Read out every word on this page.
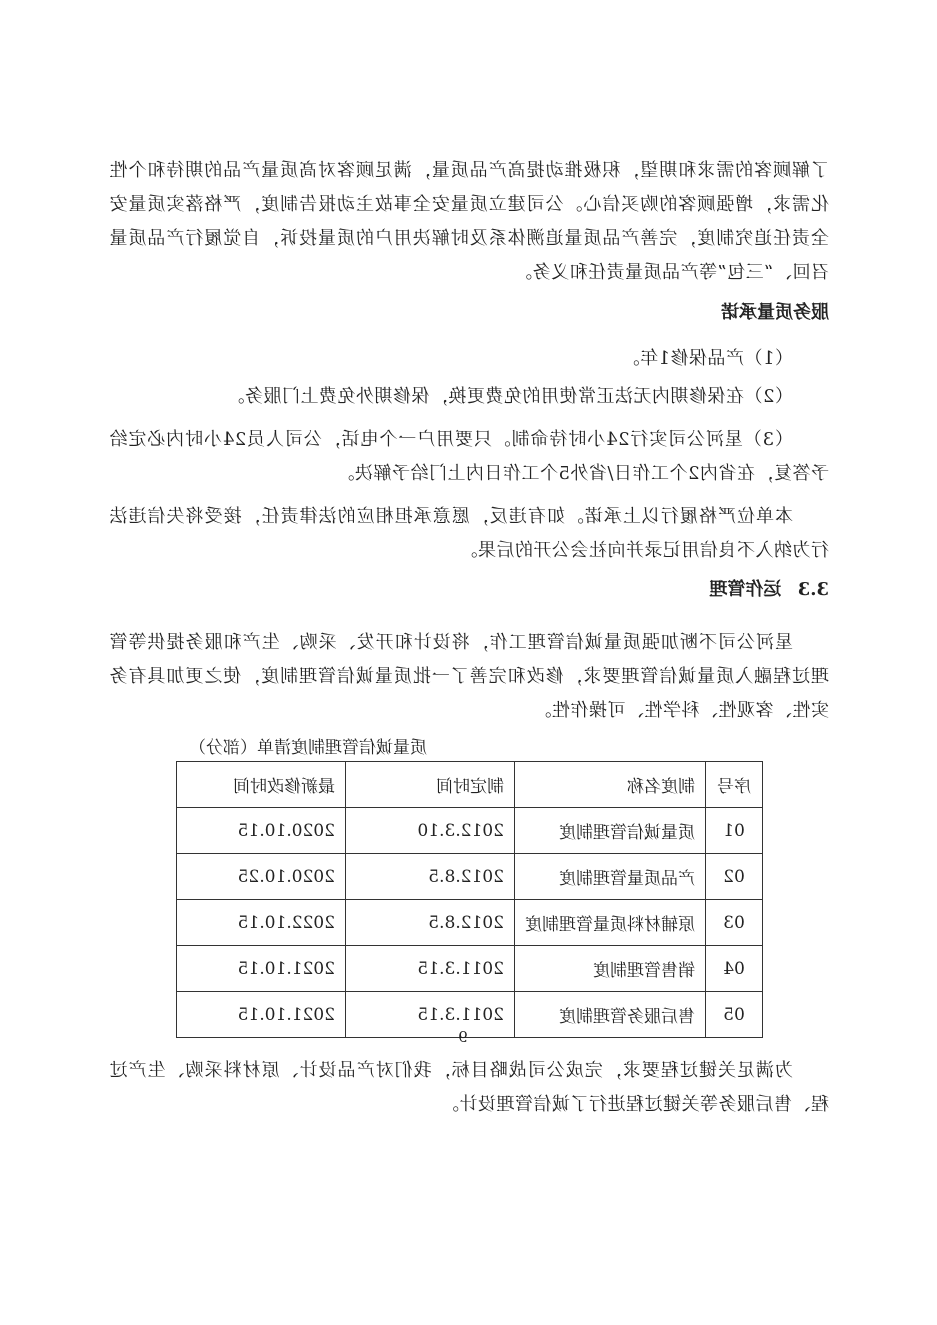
了解顾客的需求和期望，积极推动提高产品质量，满足顾客对高质量产品的期待和个性化需求，增强顾客的购买信心。公司建立质量安全事故主动报告制度，严格落实质量安全责任追究制度，完善产品质量追溯体系及时解决用户的质量投诉，自觉履行产品质量召回、“三包”等产品质量责任和义务。

服务质量承诺

（1）产品保修1年。

（2）在保修期内无法正常使用的免费更换，保修期外免费上门服务。

（3）星河公司实行24小时待命制。只要用户一个电话，公司人员24小时内必定给予答复，在省内2个工作日/省外5个工作日内上门给予解决。

本单位严格履行以上承诺。如有违反，愿意承担相应的法律责任，接受将失信违法行为纳入不良信用记录并向社会公开的后果。

3.3 运作管理

星河公司不断加强质量诚信管理工作，将设计和开发、采购、生产和服务提供等管理过程融入质量诚信管理要求，修改和完善了一批质量诚信管理制度，使之更加具有务实性、客观性、科学性、可操作性。

质量诚信管理制度清单（部分）
序号	制度名称	制定时间	最新修改时间
01	质量诚信管理制度	2012.3.10	2020.10.15
02	产品质量管理制度	2012.8.5	2020.10.25
03	原辅材料质量管理制度	2012.8.5	2022.10.15
04	销售管理制度	2011.3.15	2021.10.15
05	售后服务管理制度	2011.3.15	2021.10.15

为满足关键过程要求，完成公司战略目标，我们对产品设计、原材料采购、生产过程、售后服务等关键过程进行了诚信管理设计。

9
